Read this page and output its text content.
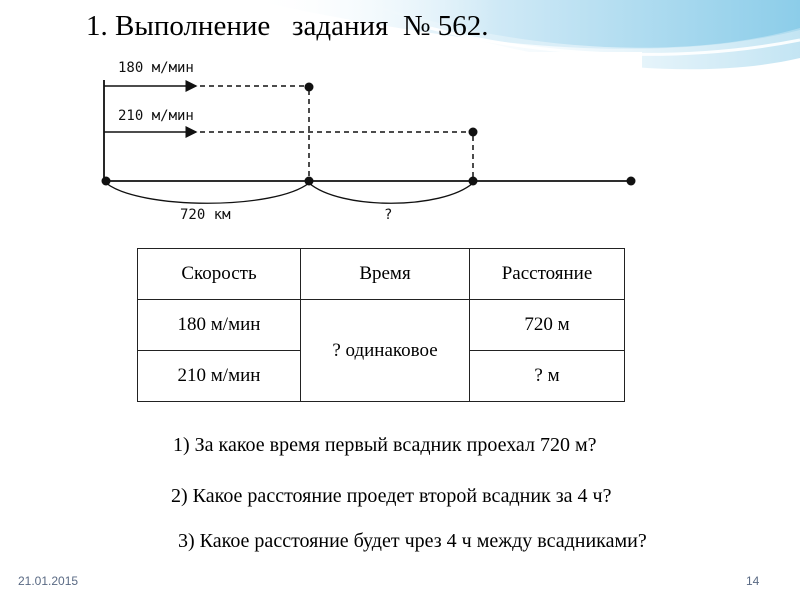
1. Выполнение   задания  № 562.
180 м/мин
210 м/мин
720 км	?
Скорость	Время	Расстояние
180 м/мин	? одинаковое	720 м
210 м/мин		? м
1) За какое время первый всадник проехал 720 м?
2) Какое расстояние проедет второй всадник за 4 ч?
3) Какое расстояние будет чрез 4 ч между всадниками?
21.01.2015	14
